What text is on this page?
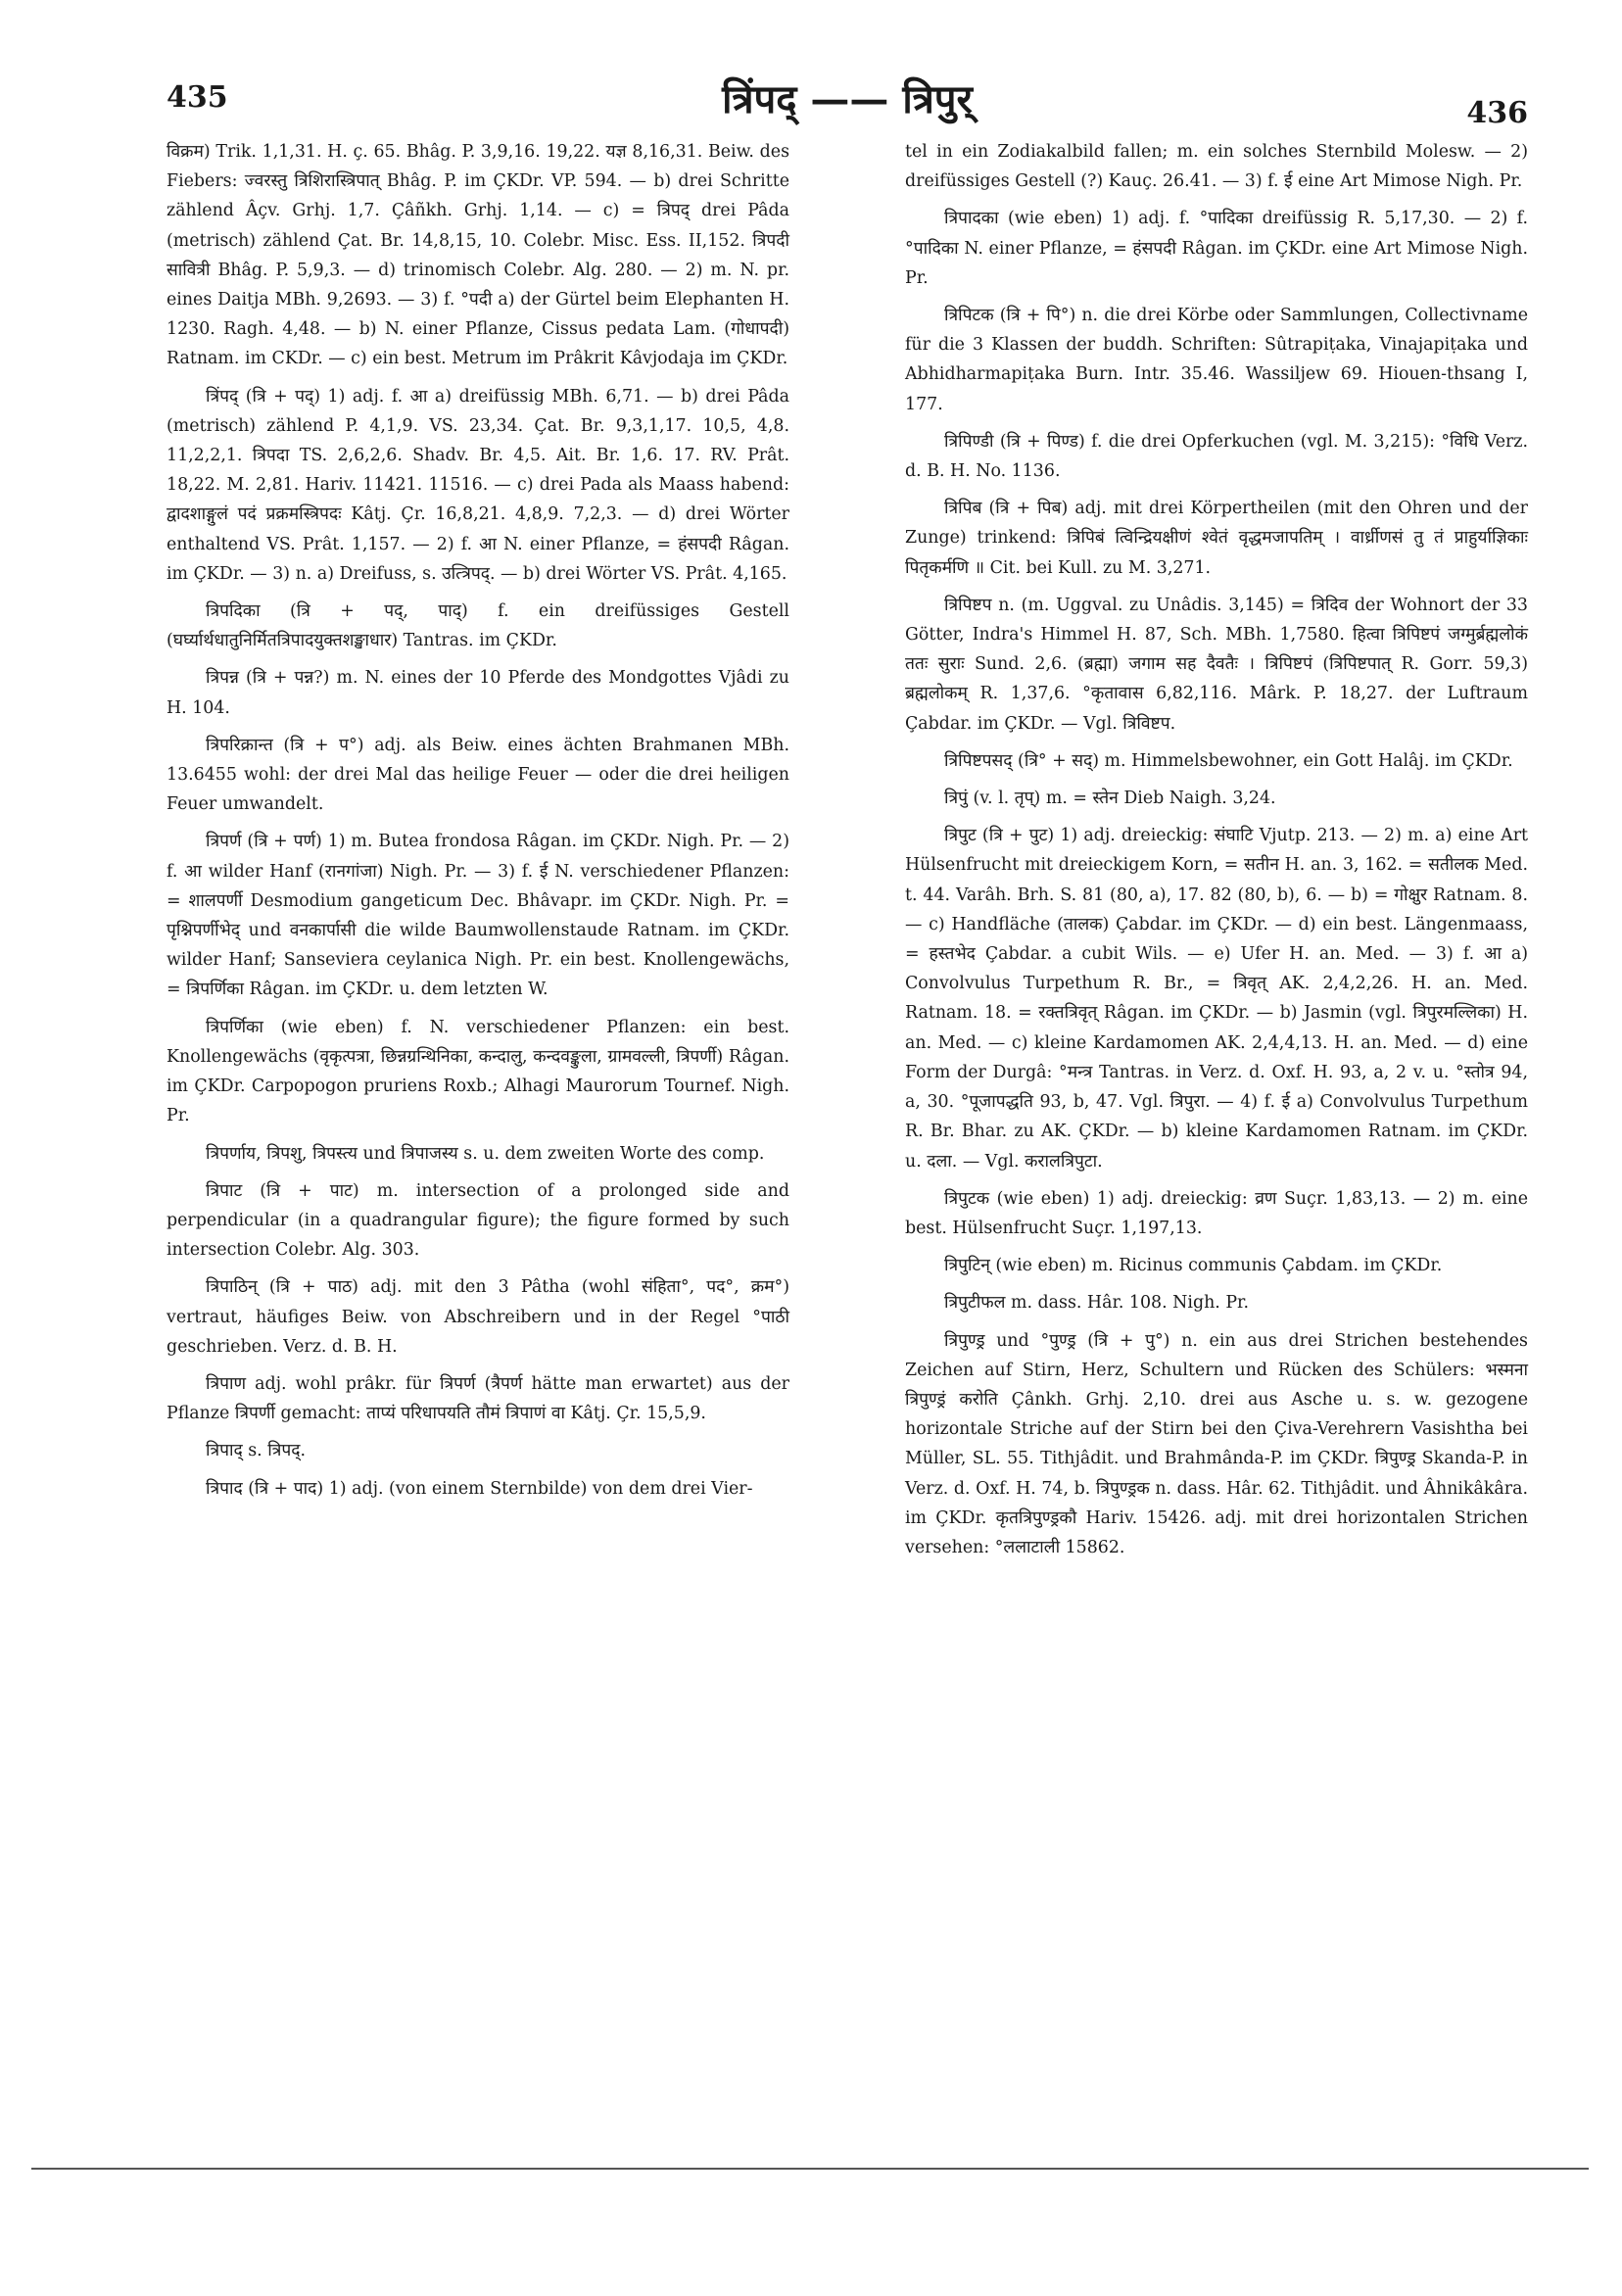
435	त्रिंपद् —— त्रिपुर्	436

विक्रम) Trik. 1,1,31. H. ç. 65. Bhâg. P. 3,9,16. 19,22. यज्ञ 8,16,31. Beiw. des Fiebers: ज्वरस्तु त्रिशिरास्त्रिपात् Bhâg. P. im ÇKDr. VP. 594. — b) drei Schritte zählend Âçv. Grhj. 1,7. Çâñkh. Grhj. 1,14. — c) = त्रिपद् drei Pâda (metrisch) zählend Çat. Br. 14,8,15, 10. Colebr. Misc. Ess. II,152. त्रिपदी सावित्री Bhâg. P. 5,9,3. — d) trinomisch Colebr. Alg. 280. — 2) m. N. pr. eines Daitja MBh. 9,2693. — 3) f. °पदी a) der Gürtel beim Elephanten H. 1230. Ragh. 4,48. — b) N. einer Pflanze, Cissus pedata Lam. (गोधापदी) Ratnam. im CKDr. — c) ein best. Metrum im Prâkrit Kâvjodaja im ÇKDr.

त्रिंपद् (त्रि + पद्) 1) adj. f. आ a) dreifüssig MBh. 6,71. — b) drei Pâda (metrisch) zählend P. 4,1,9. VS. 23,34. Çat. Br. 9,3,1,17. 10,5, 4,8. 11,2,2,1. त्रिपदा TS. 2,6,2,6. Shadv. Br. 4,5. Ait. Br. 1,6. 17. RV. Prât. 18,22. M. 2,81. Hariv. 11421. 11516. — c) drei Pada als Maass habend: द्वादशाङ्गुलं पदं प्रक्रमस्त्रिपदः Kâtj. Çr. 16,8,21. 4,8,9. 7,2,3. — d) drei Wörter enthaltend VS. Prât. 1,157. — 2) f. आ N. einer Pflanze, = हंसपदी Râgan. im ÇKDr. — 3) n. a) Dreifuss, s. उत्त्रिपद्. — b) drei Wörter VS. Prât. 4,165.

त्रिपदिका (त्रि + पद्, पाद्) f. ein dreifüssiges Gestell (घर्घ्यार्थधातुनिर्मितत्रिपादयुक्तशङ्खाधार) Tantras. im ÇKDr.

त्रिपन्न (त्रि + पन्न?) m. N. eines der 10 Pferde des Mondgottes Vjâdi zu H. 104.

त्रिपरिक्रान्त (त्रि + प°) adj. als Beiw. eines ächten Brahmanen MBh. 13.6455 wohl: der drei Mal das heilige Feuer — oder die drei heiligen Feuer umwandelt.

त्रिपर्ण (त्रि + पर्ण) 1) m. Butea frondosa Râgan. im ÇKDr. Nigh. Pr. — 2) f. आ wilder Hanf (रानगांजा) Nigh. Pr. — 3) f. ई N. verschiedener Pflanzen: = शालपर्णी Desmodium gangeticum Dec. Bhâvapr. im ÇKDr. Nigh. Pr. = पृश्निपर्णीभेद् und वनकार्पासी die wilde Baumwollenstaude Ratnam. im ÇKDr. wilder Hanf; Sanseviera ceylanica Nigh. Pr. ein best. Knollengewächs, = त्रिपर्णिका Râgan. im ÇKDr. u. dem letzten W.

त्रिपर्णिका (wie eben) f. N. verschiedener Pflanzen: ein best. Knollengewächs (वृकृत्पत्रा, छिन्नग्रन्थिनिका, कन्दालु, कन्दवङ्कुला, ग्रामवल्ली, त्रिपर्णी) Râgan. im ÇKDr. Carpopogon pruriens Roxb.; Alhagi Maurorum Tournef. Nigh. Pr.

त्रिपर्णाय, त्रिपशु, त्रिपस्त्य und त्रिपाजस्य s. u. dem zweiten Worte des comp.

त्रिपाट (त्रि + पाट) m. intersection of a prolonged side and perpendicular (in a quadrangular figure); the figure formed by such intersection Colebr. Alg. 303.

त्रिपाठिन् (त्रि + पाठ) adj. mit den 3 Pâtha (wohl संहिता°, पद°, क्रम°) vertraut, häufiges Beiw. von Abschreibern und in der Regel °पाठी geschrieben. Verz. d. B. H.

त्रिपाण adj. wohl prâkr. für त्रिपर्ण (त्रैपर्ण hätte man erwartet) aus der Pflanze त्रिपर्णी gemacht: ताप्यं परिधापयति तौमं त्रिपाणं वा Kâtj. Çr. 15,5,9.

त्रिपाद् s. त्रिपद्.

त्रिपाद (त्रि + पाद) 1) adj. (von einem Sternbilde) von dem drei Vier-

tel in ein Zodiakalbild fallen; m. ein solches Sternbild Molesw. — 2) dreifüssiges Gestell (?) Kauç. 26.41. — 3) f. ई eine Art Mimose Nigh. Pr.

त्रिपादका (wie eben) 1) adj. f. °पादिका dreifüssig R. 5,17,30. — 2) f. °पादिका N. einer Pflanze, = हंसपदी Râgan. im ÇKDr. eine Art Mimose Nigh. Pr.

त्रिपिटक (त्रि + पि°) n. die drei Körbe oder Sammlungen, Collectivname für die 3 Klassen der buddh. Schriften: Sûtrapiṭaka, Vinajapiṭaka und Abhidharmapiṭaka Burn. Intr. 35.46. Wassiljew 69. Hiouen-thsang I, 177.

त्रिपिण्डी (त्रि + पिण्ड) f. die drei Opferkuchen (vgl. M. 3,215): °विधि Verz. d. B. H. No. 1136.

त्रिपिब (त्रि + पिब) adj. mit drei Körpertheilen (mit den Ohren und der Zunge) trinkend: त्रिपिबं त्विन्द्रियक्षीणं श्वेतं वृद्धमजापतिम् । वार्ध्रीणसं तु तं प्राहुर्याज्ञिकाः पितृकर्मणि ॥ Cit. bei Kull. zu M. 3,271.

त्रिपिष्टप n. (m. Uggval. zu Unâdis. 3,145) = त्रिदिव der Wohnort der 33 Götter, Indra's Himmel H. 87, Sch. MBh. 1,7580. हित्वा त्रिपिष्टपं जग्मुर्ब्रह्मलोकं ततः सुराः Sund. 2,6. (ब्रह्मा) जगाम सह दैवतैः । त्रिपिष्टपं (त्रिपिष्टपात् R. Gorr. 59,3) ब्रह्मलोकम् R. 1,37,6. °कृतावास 6,82,116. Mârk. P. 18,27. der Luftraum Çabdar. im ÇKDr. — Vgl. त्रिविष्टप.

त्रिपिष्टपसद् (त्रि° + सद्) m. Himmelsbewohner, ein Gott Halâj. im ÇKDr.

त्रिपुं (v. l. तृप्) m. = स्तेन Dieb Naigh. 3,24.

त्रिपुट (त्रि + पुट) 1) adj. dreieckig: संघाटि Vjutp. 213. — 2) m. a) eine Art Hülsenfrucht mit dreieckigem Korn, = सतीन H. an. 3, 162. = सतीलक Med. t. 44. Varâh. Brh. S. 81 (80, a), 17. 82 (80, b), 6. — b) = गोक्षुर Ratnam. 8. — c) Handfläche (तालक) Çabdar. im ÇKDr. — d) ein best. Längenmaass, = हस्तभेद Çabdar. a cubit Wils. — e) Ufer H. an. Med. — 3) f. आ a) Convolvulus Turpethum R. Br., = त्रिवृत् AK. 2,4,2,26. H. an. Med. Ratnam. 18. = रक्तत्रिवृत् Râgan. im ÇKDr. — b) Jasmin (vgl. त्रिपुरमल्लिका) H. an. Med. — c) kleine Kardamomen AK. 2,4,4,13. H. an. Med. — d) eine Form der Durgâ: °मन्त्र Tantras. in Verz. d. Oxf. H. 93, a, 2 v. u. °स्तोत्र 94, a, 30. °पूजापद्धति 93, b, 47. Vgl. त्रिपुरा. — 4) f. ई a) Convolvulus Turpethum R. Br. Bhar. zu AK. ÇKDr. — b) kleine Kardamomen Ratnam. im ÇKDr. u. दला. — Vgl. करालत्रिपुटा.

त्रिपुटक (wie eben) 1) adj. dreieckig: व्रण Suçr. 1,83,13. — 2) m. eine best. Hülsenfrucht Suçr. 1,197,13.

त्रिपुटिन् (wie eben) m. Ricinus communis Çabdam. im ÇKDr.

त्रिपुटीफल m. dass. Hâr. 108. Nigh. Pr.

त्रिपुण्ड्र und °पुण्ड्र (त्रि + पु°) n. ein aus drei Strichen bestehendes Zeichen auf Stirn, Herz, Schultern und Rücken des Schülers: भस्मना त्रिपुण्ड्रं करोति Çânkh. Grhj. 2,10. drei aus Asche u. s. w. gezogene horizontale Striche auf der Stirn bei den Çiva-Verehrern Vasishtha bei Müller, SL. 55. Tithjâdit. und Brahmânda-P. im ÇKDr. त्रिपुण्ड्र Skanda-P. in Verz. d. Oxf. H. 74, b. त्रिपुण्ड्रक n. dass. Hâr. 62. Tithjâdit. und Âhnikâkâra. im ÇKDr. कृतत्रिपुण्ड्रकौ Hariv. 15426. adj. mit drei horizontalen Strichen versehen: °ललाटाली 15862.
